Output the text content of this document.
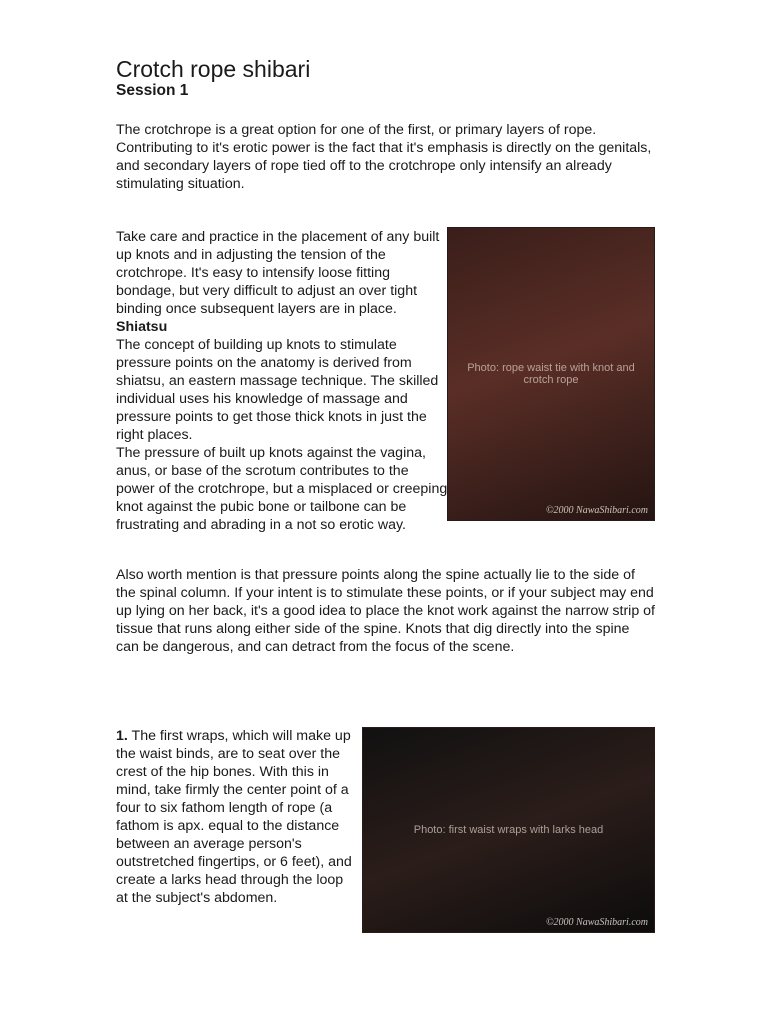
Crotch rope shibari
Session 1

The crotchrope is a great option for one of the first, or primary layers of rope. Contributing to it's erotic power is the fact that it's emphasis is directly on the genitals, and secondary layers of rope tied off to the crotchrope only intensify an already stimulating situation.

Take care and practice in the placement of any built up knots and in adjusting the tension of the crotchrope. It's easy to intensify loose fitting bondage, but very difficult to adjust an over tight binding once subsequent layers are in place.
Shiatsu
The concept of building up knots to stimulate pressure points on the anatomy is derived from shiatsu, an eastern massage technique. The skilled individual uses his knowledge of massage and pressure points to get those thick knots in just the right places.
The pressure of built up knots against the vagina, anus, or base of the scrotum contributes to the power of the crotchrope, but a misplaced or creeping knot against the pubic bone or tailbone can be frustrating and abrading in a not so erotic way.
Photo: rope waist tie with knot and crotch rope
©2000 NawaShibari.com

Also worth mention is that pressure points along the spine actually lie to the side of the spinal column. If your intent is to stimulate these points, or if your subject may end up lying on her back, it's a good idea to place the knot work against the narrow strip of tissue that runs along either side of the spine. Knots that dig directly into the spine can be dangerous, and can detract from the focus of the scene.

1. The first wraps, which will make up the waist binds, are to seat over the crest of the hip bones. With this in mind, take firmly the center point of a four to six fathom length of rope (a fathom is apx. equal to the distance between an average person's outstretched fingertips, or 6 feet), and create a larks head through the loop at the subject's abdomen.

Photo: first waist wraps with larks head
©2000 NawaShibari.com
